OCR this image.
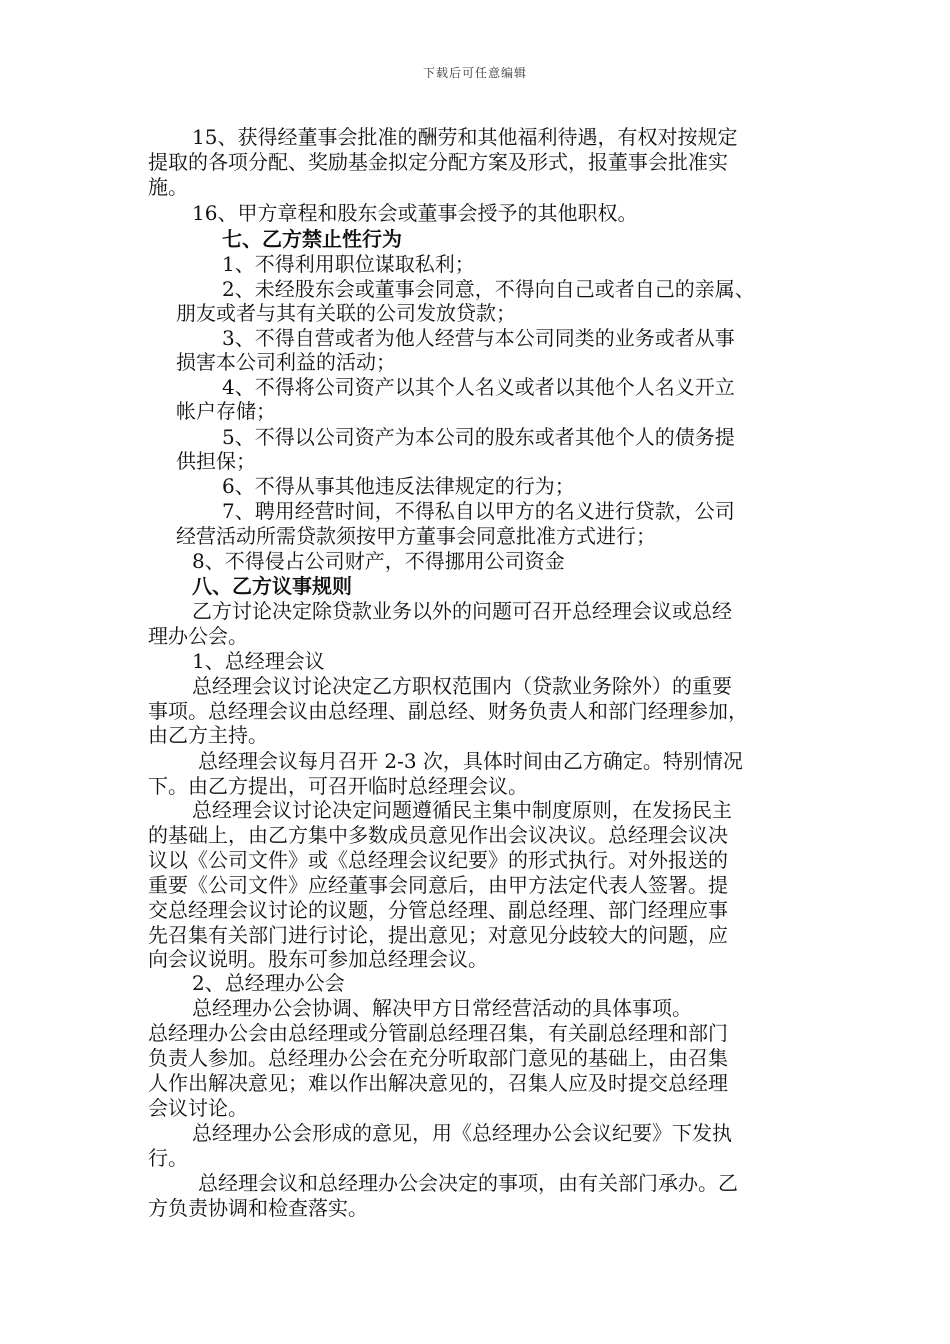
下载后可任意编辑
15、获得经董事会批准的酬劳和其他福利待遇，有权对按规定
提取的各项分配、奖励基金拟定分配方案及形式，报董事会批准实
施。
16、甲方章程和股东会或董事会授予的其他职权。
七、乙方禁止性行为
1、不得利用职位谋取私利；
2、未经股东会或董事会同意，不得向自己或者自己的亲属、
朋友或者与其有关联的公司发放贷款；
3、不得自营或者为他人经营与本公司同类的业务或者从事
损害本公司利益的活动；
4、不得将公司资产以其个人名义或者以其他个人名义开立
帐户存储；
5、不得以公司资产为本公司的股东或者其他个人的债务提
供担保；
6、不得从事其他违反法律规定的行为；
7、聘用经营时间，不得私自以甲方的名义进行贷款，公司
经营活动所需贷款须按甲方董事会同意批准方式进行；
8、不得侵占公司财产，不得挪用公司资金
八、乙方议事规则
乙方讨论决定除贷款业务以外的问题可召开总经理会议或总经
理办公会。
1、总经理会议
总经理会议讨论决定乙方职权范围内（贷款业务除外）的重要
事项。总经理会议由总经理、副总经、财务负责人和部门经理参加，
由乙方主持。
总经理会议每月召开 2-3 次，具体时间由乙方确定。特别情况
下。由乙方提出，可召开临时总经理会议。
总经理会议讨论决定问题遵循民主集中制度原则，在发扬民主
的基础上，由乙方集中多数成员意见作出会议决议。总经理会议决
议以《公司文件》或《总经理会议纪要》的形式执行。对外报送的
重要《公司文件》应经董事会同意后，由甲方法定代表人签署。提
交总经理会议讨论的议题，分管总经理、副总经理、部门经理应事
先召集有关部门进行讨论，提出意见；对意见分歧较大的问题，应
向会议说明。股东可参加总经理会议。
2、总经理办公会
总经理办公会协调、解决甲方日常经营活动的具体事项。
总经理办公会由总经理或分管副总经理召集，有关副总经理和部门
负责人参加。总经理办公会在充分听取部门意见的基础上，由召集
人作出解决意见；难以作出解决意见的，召集人应及时提交总经理
会议讨论。
总经理办公会形成的意见，用《总经理办公会议纪要》下发执
行。
总经理会议和总经理办公会决定的事项，由有关部门承办。乙
方负责协调和检查落实。
